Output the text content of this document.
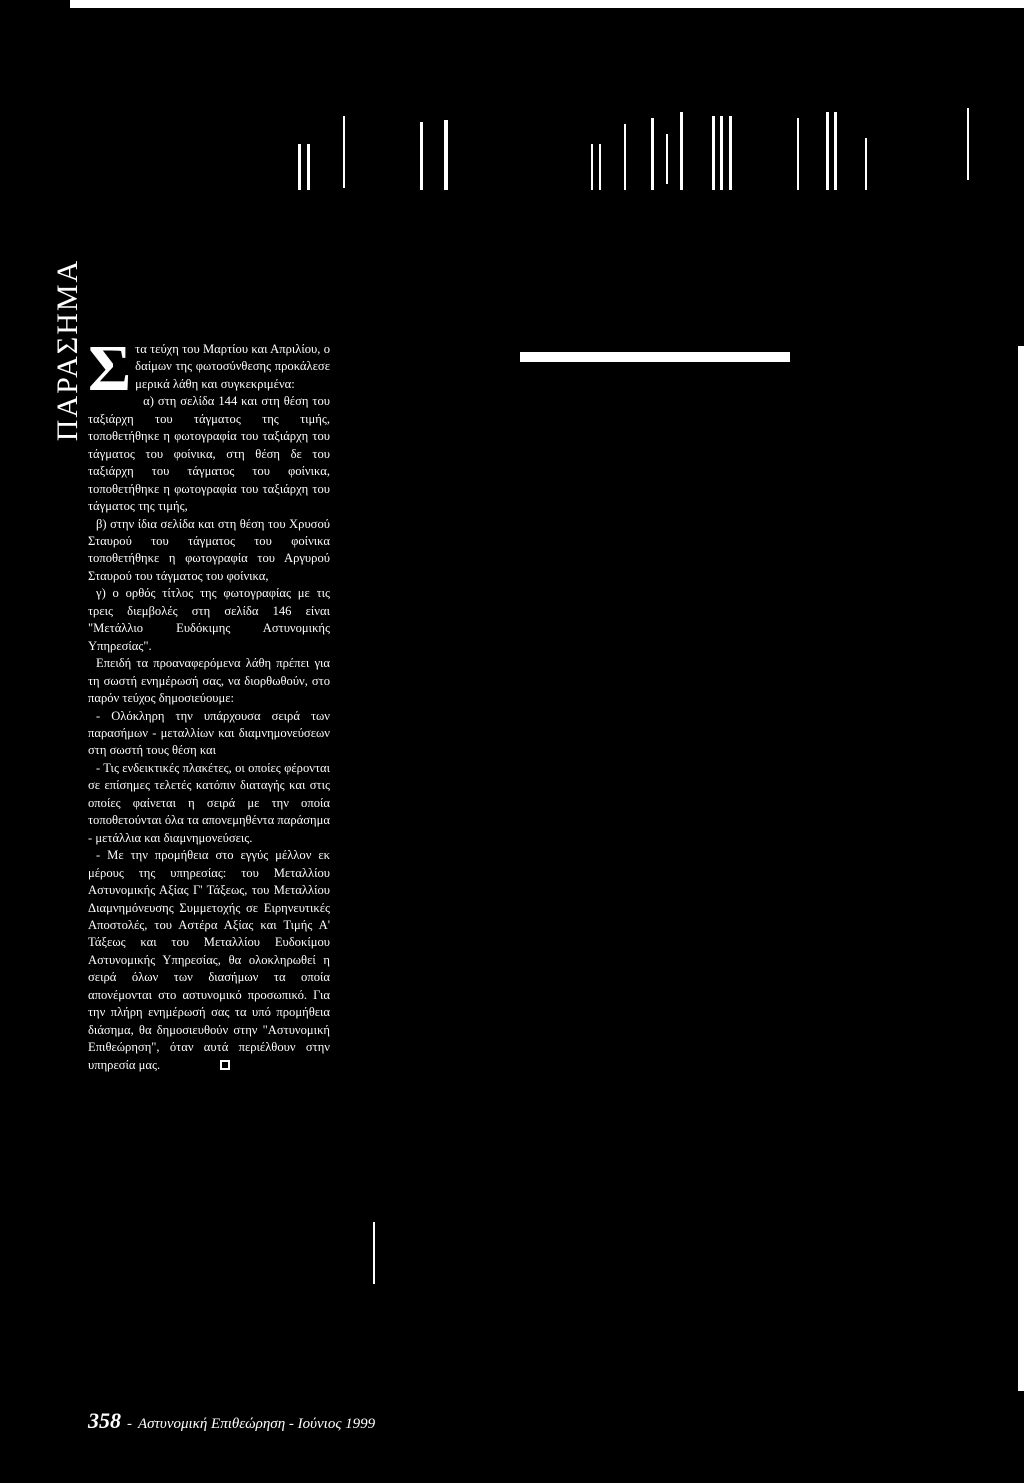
ΠΑΡΑΣΗΜΑ Σ τα τεύχη του Μαρτίου και Απριλίου, ο δαίμων της φωτοσύνθεσης προκάλεσε μερικά λάθη και συγκεκριμένα:

α) στη σελίδα 144 και στη θέση του ταξιάρχη του τάγματος της τιμής, τοποθετήθηκε η φωτογραφία του ταξιάρχη του τάγματος του φοίνικα, στη θέση δε του ταξιάρχη του τάγματος του φοίνικα, τοποθετήθηκε η φωτογραφία του ταξιάρχη του τάγματος της τιμής,

β) στην ίδια σελίδα και στη θέση του Χρυσού Σταυρού του τάγματος του φοίνικα τοποθετήθηκε η φωτογραφία του Αργυρού Σταυρού του τάγματος του φοίνικα,

γ) ο ορθός τίτλος της φωτογραφίας με τις τρεις διεμβολές στη σελίδα 146 είναι "Μετάλλιο Ευδόκιμης Αστυνομικής Υπηρεσίας".

Επειδή τα προαναφερόμενα λάθη πρέπει για τη σωστή ενημέρωσή σας, να διορθωθούν, στο παρόν τεύχος δημοσιεύουμε:

- Ολόκληρη την υπάρχουσα σειρά των παρασήμων - μεταλλίων και διαμνημονεύσεων στη σωστή τους θέση και

- Τις ενδεικτικές πλακέτες, οι οποίες φέρονται σε επίσημες τελετές κατόπιν διαταγής και στις οποίες φαίνεται η σειρά με την οποία τοποθετούνται όλα τα απονεμηθέντα παράσημα - μετάλλια και διαμνημονεύσεις.

- Με την προμήθεια στο εγγύς μέλλον εκ μέρους της υπηρεσίας: του Μεταλλίου Αστυνομικής Αξίας Γ' Τάξεως, του Μεταλλίου Διαμνημόνευσης Συμμετοχής σε Ειρηνευτικές Αποστολές, του Αστέρα Αξίας και Τιμής Α' Τάξεως και του Μεταλλίου Ευδοκίμου Αστυνομικής Υπηρεσίας, θα ολοκληρωθεί η σειρά όλων των διασήμων τα οποία απονέμονται στο αστυνομικό προσωπικό. Για την πλήρη ενημέρωσή σας τα υπό προμήθεια διάσημα, θα δημοσιευθούν στην "Αστυνομική Επιθεώρηση", όταν αυτά περιέλθουν στην υπηρεσία μας.

358 - Αστυνομική Επιθεώρηση - Ιούνιος 1999
